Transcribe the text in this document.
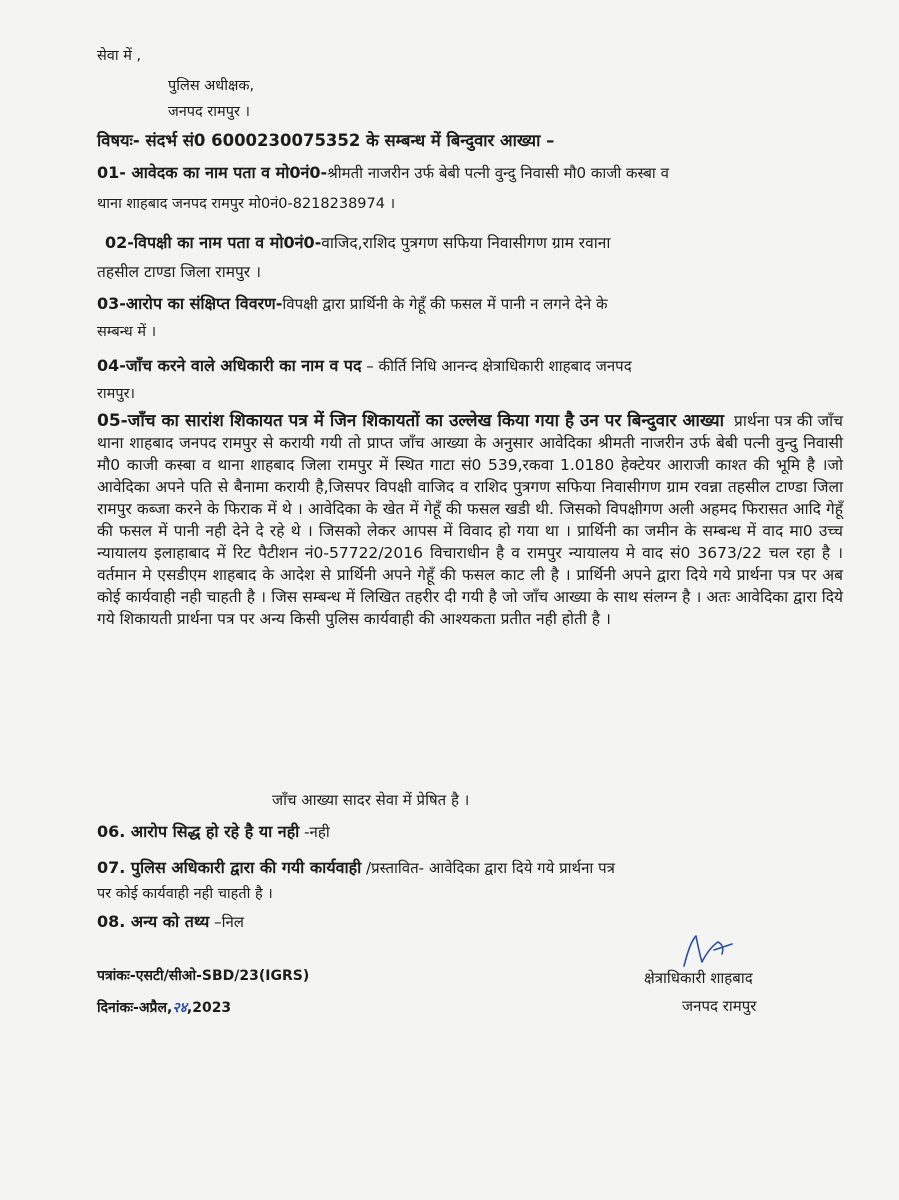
सेवा में ,
पुलिस अधीक्षक,
जनपद रामपुर ।
विषयः- संदर्भ सं0 6000230075352 के सम्बन्ध में बिन्दुवार आख्या –
01- आवेदक का नाम पता व मो0नं0-श्रीमती नाजरीन उर्फ बेबी पत्नी वुन्दु निवासी मौ0 काजी कस्बा व
थाना शाहबाद जनपद रामपुर मो0नं0-8218238974 ।
02-विपक्षी का नाम पता व मो0नं0-वाजिद,राशिद पुत्रगण सफिया निवासीगण ग्राम रवाना
तहसील टाण्डा जिला रामपुर ।
03-आरोप का संक्षिप्त विवरण-विपक्षी द्वारा प्रार्थिनी के गेहूँ की फसल में पानी न लगने देने के
सम्बन्ध में ।
04-जाँच करने वाले अधिकारी का नाम व पद – कीर्ति निधि आनन्द क्षेत्राधिकारी शाहबाद जनपद
रामपुर।
05-जाँच का सारांश शिकायत पत्र में जिन शिकायतों का उल्लेख किया गया है उन पर बिन्दुवार आख्या प्रार्थना पत्र की जाँच थाना शाहबाद जनपद रामपुर से करायी गयी तो प्राप्त जाँच आख्या के अनुसार आवेदिका श्रीमती नाजरीन उर्फ बेबी पत्नी वुन्दु निवासी मौ0 काजी कस्बा व थाना शाहबाद जिला रामपुर में स्थित गाटा सं0 539,रकवा 1.0180 हेक्टेयर आराजी काश्त की भूमि है ।जो आवेदिका अपने पति से बैनामा करायी है,जिसपर विपक्षी वाजिद व राशिद पुत्रगण सफिया निवासीगण ग्राम रवन्ना तहसील टाण्डा जिला रामपुर कब्जा करने के फिराक में थे । आवेदिका के खेत में गेहूँ की फसल खडी थी. जिसको विपक्षीगण अली अहमद फिरासत आदि गेहूँ की फसल में पानी नही देने दे रहे थे । जिसको लेकर आपस में विवाद हो गया था । प्रार्थिनी का जमीन के सम्बन्ध में वाद मा0 उच्च न्यायालय इलाहाबाद में रिट पैटीशन नं0-57722/2016 विचाराधीन है व रामपुर न्यायालय मे वाद सं0 3673/22 चल रहा है । वर्तमान मे एसडीएम शाहबाद के आदेश से प्रार्थिनी अपने गेहूँ की फसल काट ली है । प्रार्थिनी अपने द्वारा दिये गये प्रार्थना पत्र पर अब कोई कार्यवाही नही चाहती है । जिस सम्बन्ध में लिखित तहरीर दी गयी है जो जाँच आख्या के साथ संलग्न है । अतः आवेदिका द्वारा दिये गये शिकायती प्रार्थना पत्र पर अन्य किसी पुलिस कार्यवाही की आश्यकता प्रतीत नही होती है ।
जाँच आख्या सादर सेवा में प्रेषित है ।
06. आरोप सिद्ध हो रहे है या नही -नही
07. पुलिस अधिकारी द्वारा की गयी कार्यवाही /प्रस्तावित- आवेदिका द्वारा दिये गये प्रार्थना पत्र
पर कोई कार्यवाही नही चाहती है ।
08. अन्य को तथ्य –निल
पत्रांकः-एसटी/सीओ-SBD/23(IGRS)
दिनांकः-अप्रैल,२४,2023
क्षेत्राधिकारी शाहबाद
जनपद रामपुर
